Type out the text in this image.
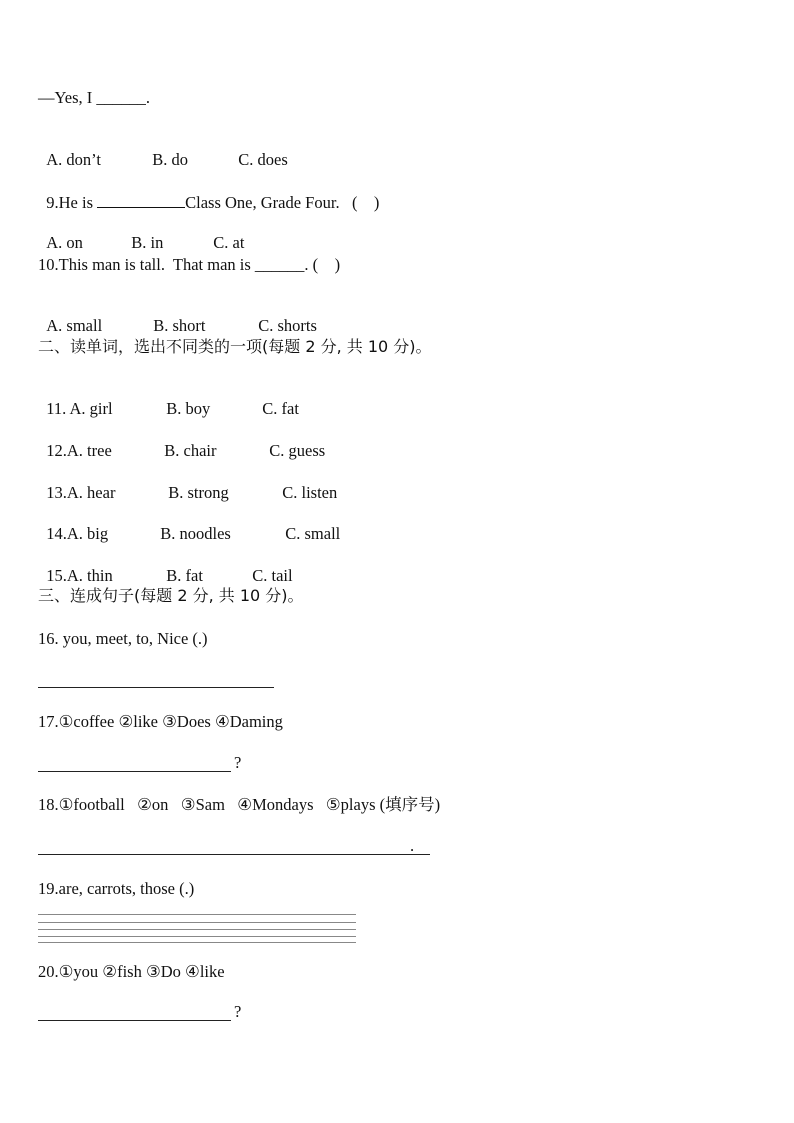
—Yes, I ______.

A. don’t	B. do	C. does

9.He is	Class One, Grade Four.   (    )

A. on	B. in	C. at

10.This man is tall.  That man is ______. (    )

A. small	B. short	C. shorts

二、读单词，选出不同类的一项(每题 2 分, 共 10 分)。

11. A. girl	B. boy	C. fat

12.A. tree	B. chair	C. guess

13.A. hear	B. strong	C. listen

14.A. big	B. noodles	C. small

15.A. thin	B. fat	C. tail

三、连成句子(每题 2 分, 共 10 分)。
16. you, meet, to, Nice (.)
17.①coffee ②like ③Does ④Daming
?
18.①football   ②on   ③Sam   ④Mondays   ⑤plays (填序号)
.
19.are, carrots, those (.)
20.①you ②fish ③Do ④like
?
